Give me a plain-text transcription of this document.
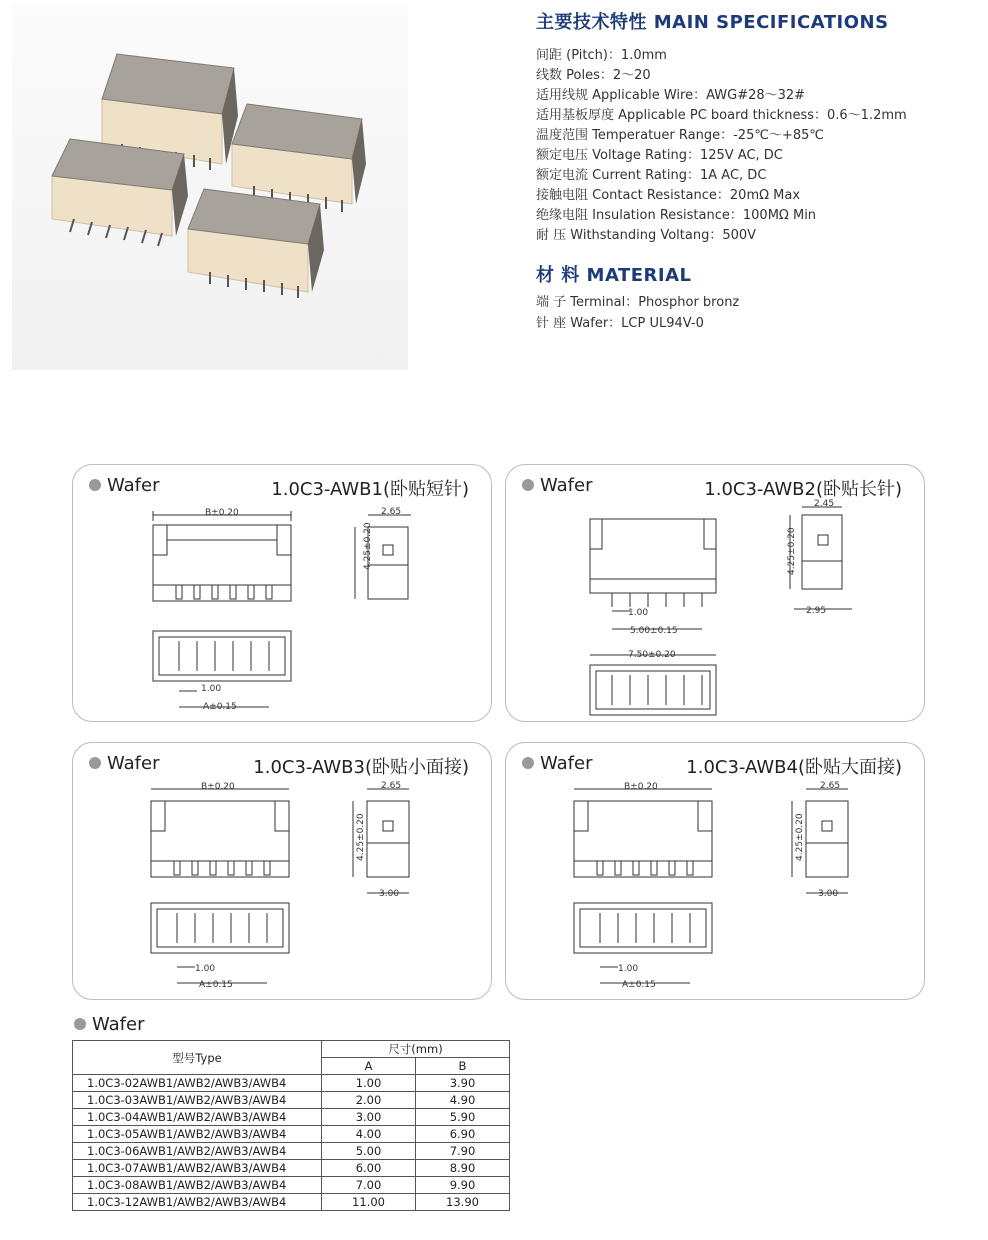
主要技术特性 MAIN SPECIFICATIONS
间距 (Pitch)：1.0mm
线数 Poles：2～20
适用线规 Applicable Wire：AWG#28～32#
适用基板厚度 Applicable PC board thickness：0.6～1.2mm
温度范围 Temperatuer Range：-25℃～+85℃
额定电压 Voltage Rating：125V AC, DC
额定电流 Current Rating：1A AC, DC
接触电阻 Contact Resistance：20mΩ Max
绝缘电阻 Insulation Resistance：100MΩ Min
耐 压 Withstanding Voltang：500V
材 料 MATERIAL
端 子 Terminal：Phosphor bronz
针 座 Wafer：LCP UL94V-0
Wafer	1.0C3-AWB1(卧贴短针)
B±0.20	2.65
4.25±0.20
1.00
A±0.15
Wafer	1.0C3-AWB2(卧贴长针)
1.00
5.00±0.15
2.45
4.25±0.20
2.95
7.50±0.20
Wafer	1.0C3-AWB3(卧贴小面接)
B±0.20	2.65
4.25±0.20
3.00
1.00
A±0.15
Wafer	1.0C3-AWB4(卧贴大面接)
B±0.20	2.65
4.25±0.20
3.00
1.00
A±0.15
Wafer
型号Type	尺寸(mm)	
	A	B
1.0C3-02AWB1/AWB2/AWB3/AWB4	1.00	3.90
1.0C3-03AWB1/AWB2/AWB3/AWB4	2.00	4.90
1.0C3-04AWB1/AWB2/AWB3/AWB4	3.00	5.90
1.0C3-05AWB1/AWB2/AWB3/AWB4	4.00	6.90
1.0C3-06AWB1/AWB2/AWB3/AWB4	5.00	7.90
1.0C3-07AWB1/AWB2/AWB3/AWB4	6.00	8.90
1.0C3-08AWB1/AWB2/AWB3/AWB4	7.00	9.90
1.0C3-12AWB1/AWB2/AWB3/AWB4	11.00	13.90
